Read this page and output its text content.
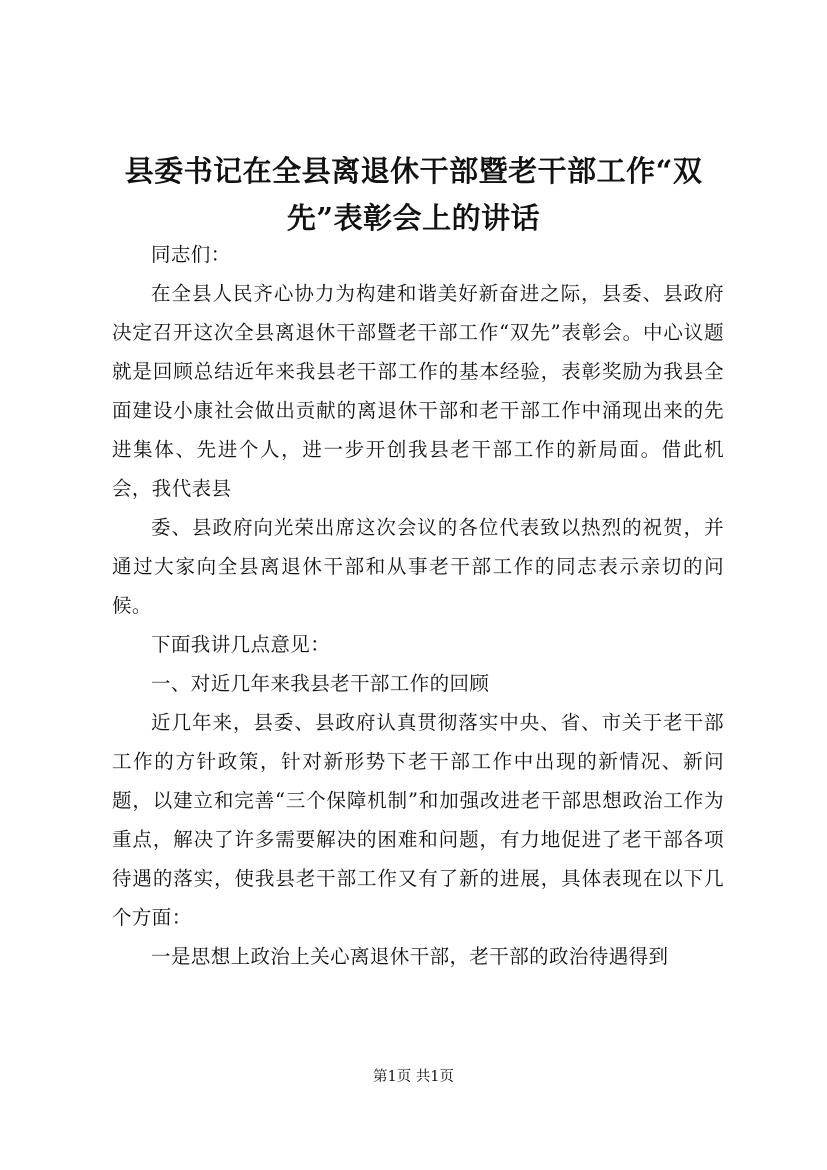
县委书记在全县离退休干部暨老干部工作“双先”表彰会上的讲话

同志们：

在全县人民齐心协力为构建和谐美好新奋进之际，县委、县政府决定召开这次全县离退休干部暨老干部工作“双先”表彰会。中心议题就是回顾总结近年来我县老干部工作的基本经验，表彰奖励为我县全面建设小康社会做出贡献的离退休干部和老干部工作中涌现出来的先进集体、先进个人，进一步开创我县老干部工作的新局面。借此机会，我代表县

委、县政府向光荣出席这次会议的各位代表致以热烈的祝贺，并通过大家向全县离退休干部和从事老干部工作的同志表示亲切的问候。

下面我讲几点意见：

一、对近几年来我县老干部工作的回顾

近几年来，县委、县政府认真贯彻落实中央、省、市关于老干部工作的方针政策，针对新形势下老干部工作中出现的新情况、新问题，以建立和完善“三个保障机制”和加强改进老干部思想政治工作为重点，解决了许多需要解决的困难和问题，有力地促进了老干部各项待遇的落实，使我县老干部工作又有了新的进展，具体表现在以下几个方面：

一是思想上政治上关心离退休干部，老干部的政治待遇得到

第1页 共1页
